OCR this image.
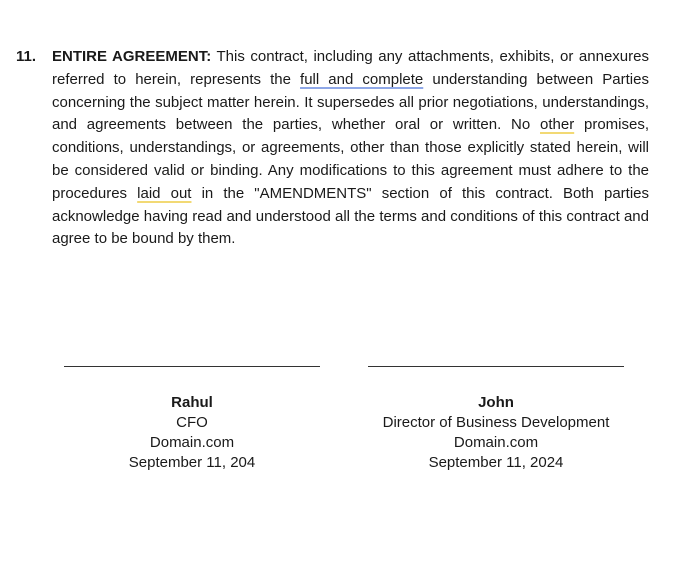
11. ENTIRE AGREEMENT: This contract, including any attachments, exhibits, or annexures referred to herein, represents the full and complete understanding between Parties concerning the subject matter herein. It supersedes all prior negotiations, understandings, and agreements between the parties, whether oral or written. No other promises, conditions, understandings, or agreements, other than those explicitly stated herein, will be considered valid or binding. Any modifications to this agreement must adhere to the procedures laid out in the "AMENDMENTS" section of this contract. Both parties acknowledge having read and understood all the terms and conditions of this contract and agree to be bound by them.
Rahul
CFO
Domain.com
September 11, 204
John
Director of Business Development
Domain.com
September 11, 2024
